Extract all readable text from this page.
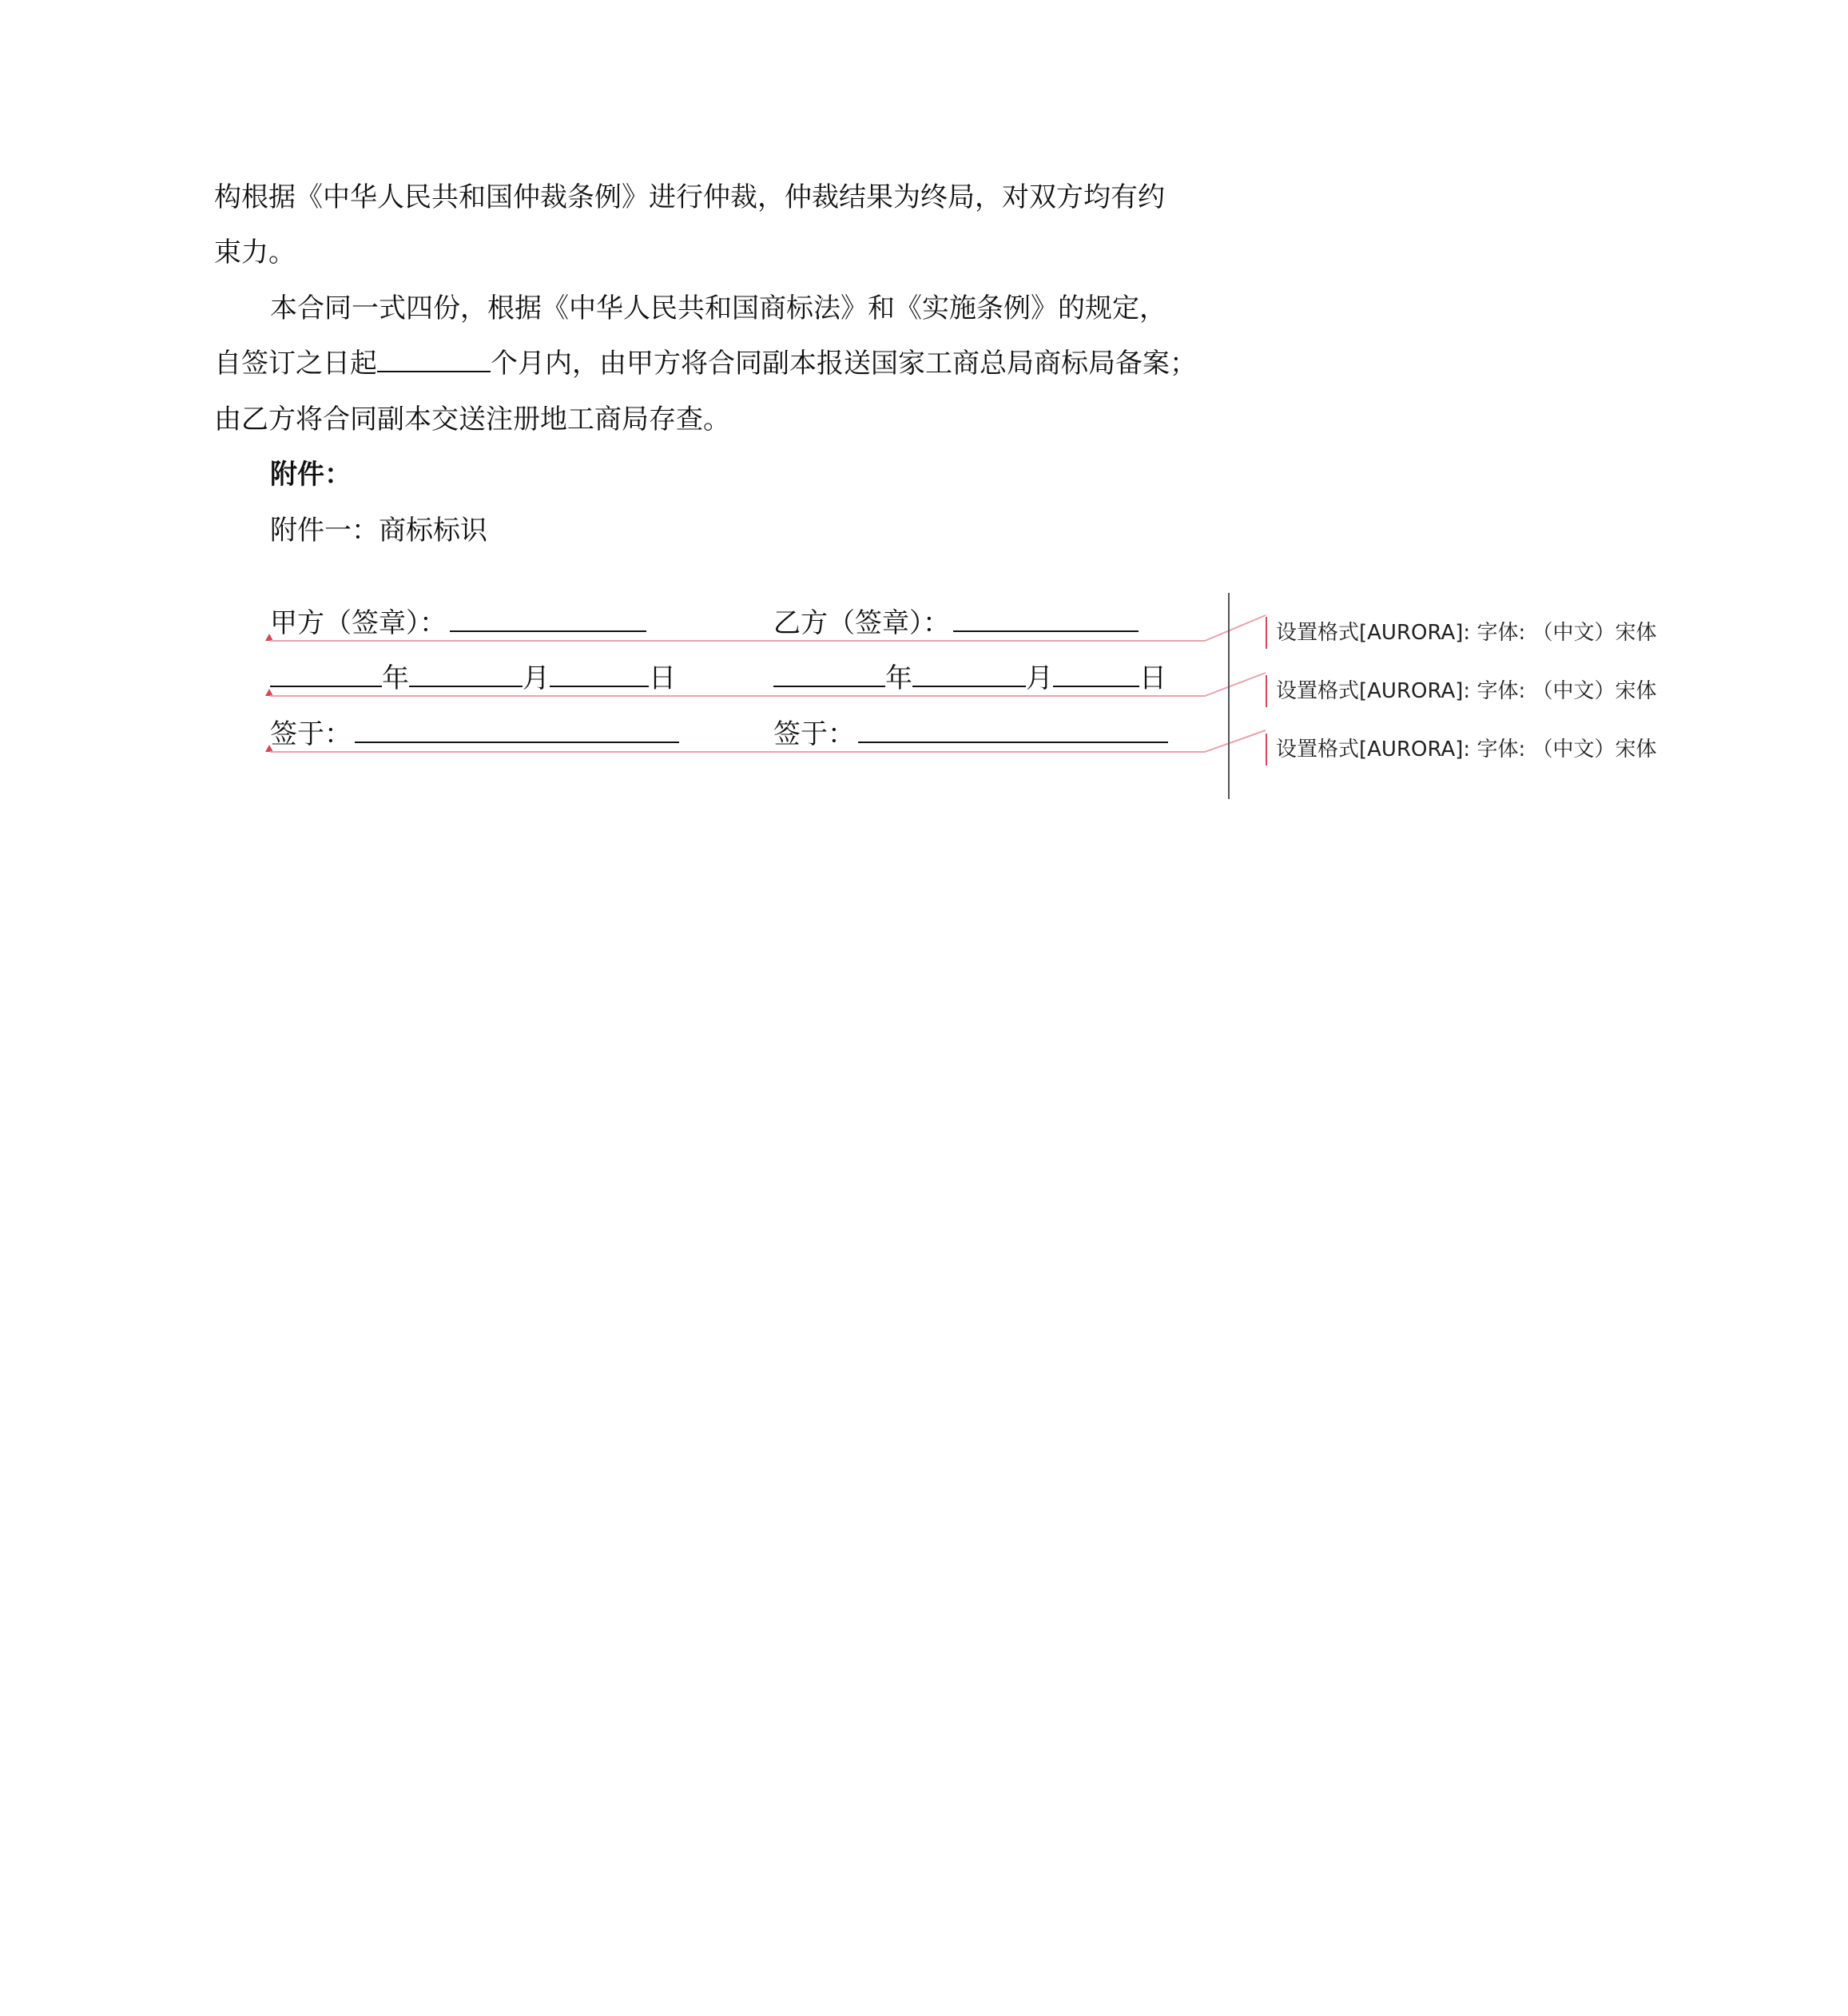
构根据《中华人民共和国仲裁条例》进行仲裁，仲裁结果为终局，对双方均有约
束力。
本合同一式四份，根据《中华人民共和国商标法》和《实施条例》的规定，
自签订之日起	个月内，由甲方将合同副本报送国家工商总局商标局备案；
由乙方将合同副本交送注册地工商局存查。
附件：
附件一：商标标识
甲方（签章）：	乙方（签章）：
年	月	日	年	月	日
签于：	签于：
设置格式[AURORA]: 字体: （中文）宋体
设置格式[AURORA]: 字体: （中文）宋体
设置格式[AURORA]: 字体: （中文）宋体
